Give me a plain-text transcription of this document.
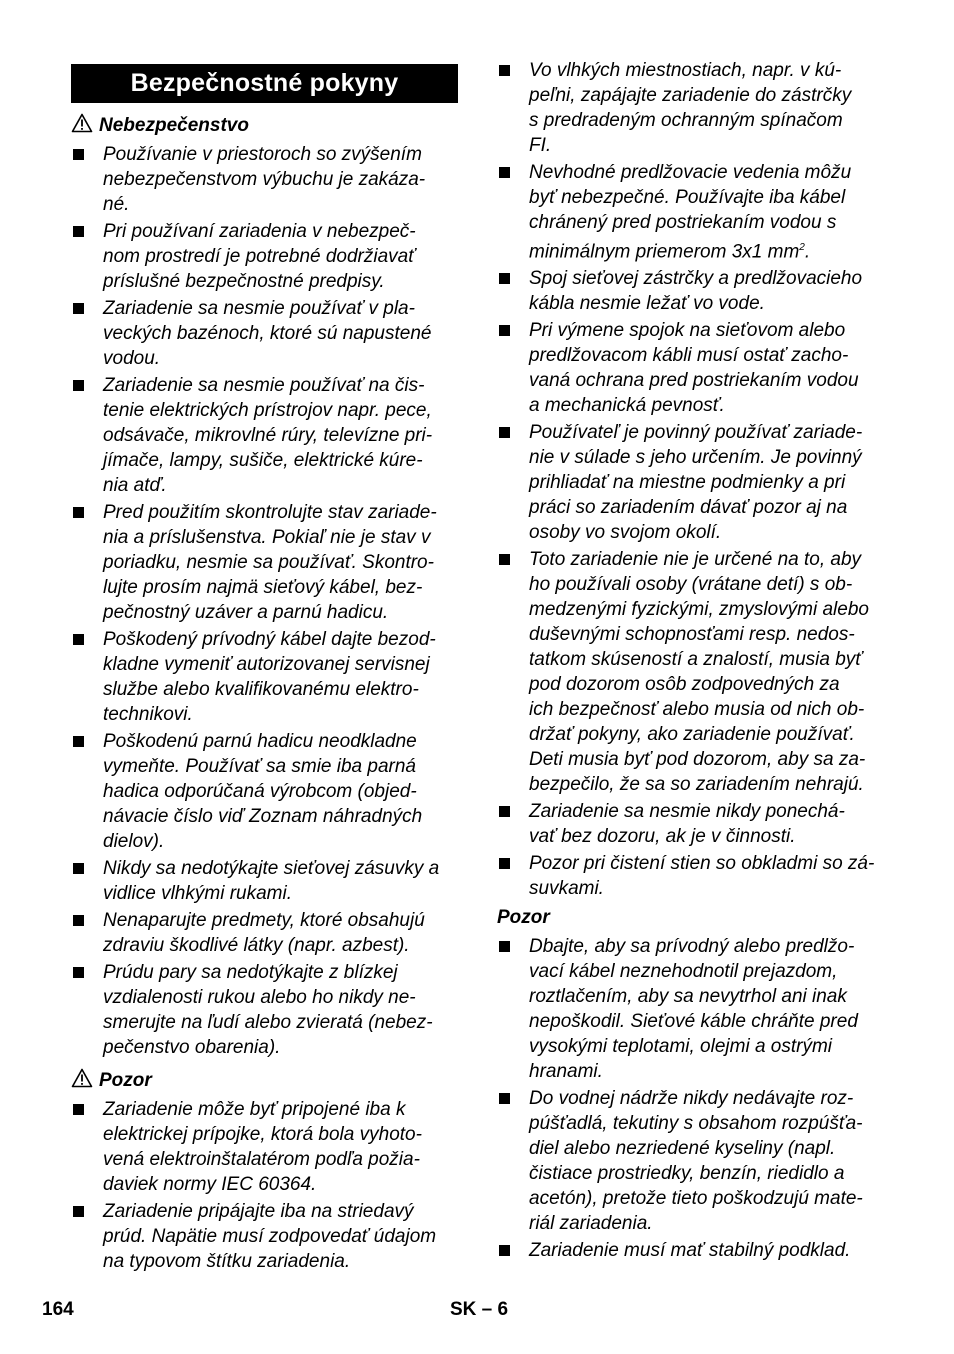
Bezpečnostné pokyny
Nebezpečenstvo
Používanie v priestoroch so zvýšením
nebezpečenstvom výbuchu je zakáza-
né.
Pri používaní zariadenia v nebezpeč-
nom prostredí je potrebné dodržiavať
príslušné bezpečnostné predpisy.
Zariadenie sa nesmie používať v pla-
veckých bazénoch, ktoré sú napustené
vodou.
Zariadenie sa nesmie používať na čis-
tenie elektrických prístrojov napr. pece,
odsávače, mikrovlné rúry, televízne pri-
jímače, lampy, sušiče, elektrické kúre-
nia atď.
Pred použitím skontrolujte stav zariade-
nia a príslušenstva. Pokiaľ nie je stav v
poriadku, nesmie sa používať. Skontro-
lujte prosím najmä sieťový kábel, bez-
pečnostný uzáver a parnú hadicu.
Poškodený prívodný kábel dajte bezod-
kladne vymeniť autorizovanej servisnej
službe alebo kvalifikovanému elektro-
technikovi.
Poškodenú parnú hadicu neodkladne
vymeňte. Používať sa smie iba parná
hadica odporúčaná výrobcom (objed-
návacie číslo viď Zoznam náhradných
dielov).
Nikdy sa nedotýkajte sieťovej zásuvky a
vidlice vlhkými rukami.
Nenaparujte predmety, ktoré obsahujú
zdraviu škodlivé látky (napr. azbest).
Prúdu pary sa nedotýkajte z blízkej
vzdialenosti rukou alebo ho nikdy ne-
smerujte na ľudí alebo zvieratá (nebez-
pečenstvo obarenia).
Pozor
Zariadenie môže byť pripojené iba k
elektrickej prípojke, ktorá bola vyhoto-
vená elektroinštalatérom podľa požia-
daviek normy IEC 60364.
Zariadenie pripájajte iba na striedavý
prúd. Napätie musí zodpovedať údajom
na typovom štítku zariadenia.
Vo vlhkých miestnostiach, napr. v kú-
peľni, zapájajte zariadenie do zástrčky
s predradeným ochranným spínačom
FI.
Nevhodné predlžovacie vedenia môžu
byť nebezpečné. Používajte iba kábel
chránený pred postriekaním vodou s
minimálnym priemerom 3x1 $mm^2$.
Spoj sieťovej zástrčky a predlžovacieho
kábla nesmie ležať vo vode.
Pri výmene spojok na sieťovom alebo
predlžovacom kábli musí ostať zacho-
vaná ochrana pred postriekaním vodou
a mechanická pevnosť.
Používateľ je povinný používať zariade-
nie v súlade s jeho určením. Je povinný
prihliadať na miestne podmienky a pri
práci so zariadením dávať pozor aj na
osoby vo svojom okolí.
Toto zariadenie nie je určené na to, aby
ho používali osoby (vrátane detí) s ob-
medzenými fyzickými, zmyslovými alebo
duševnými schopnosťami resp. nedos-
tatkom skúseností a znalostí, musia byť
pod dozorom osôb zodpovedných za
ich bezpečnosť alebo musia od nich ob-
držať pokyny, ako zariadenie používať.
Deti musia byť pod dozorom, aby sa za-
bezpečilo, že sa so zariadením nehrajú.
Zariadenie sa nesmie nikdy ponechá-
vať bez dozoru, ak je v činnosti.
Pozor pri čistení stien so obkladmi so zá-
suvkami.
Pozor
Dbajte, aby sa prívodný alebo predlžo-
vací kábel neznehodnotil prejazdom,
roztlačením, aby sa nevytrhol ani inak
nepoškodil. Sieťové káble chráňte pred
vysokými teplotami, olejmi a ostrými
hranami.
Do vodnej nádrže nikdy nedávajte roz-
púšťadlá, tekutiny s obsahom rozpúšťa-
diel alebo nezriedené kyseliny (napl.
čistiace prostriedky, benzín, riedidlo a
acetón), pretože tieto poškodzujú mate-
riál zariadenia.
Zariadenie musí mať stabilný podklad.
164	SK – 6
